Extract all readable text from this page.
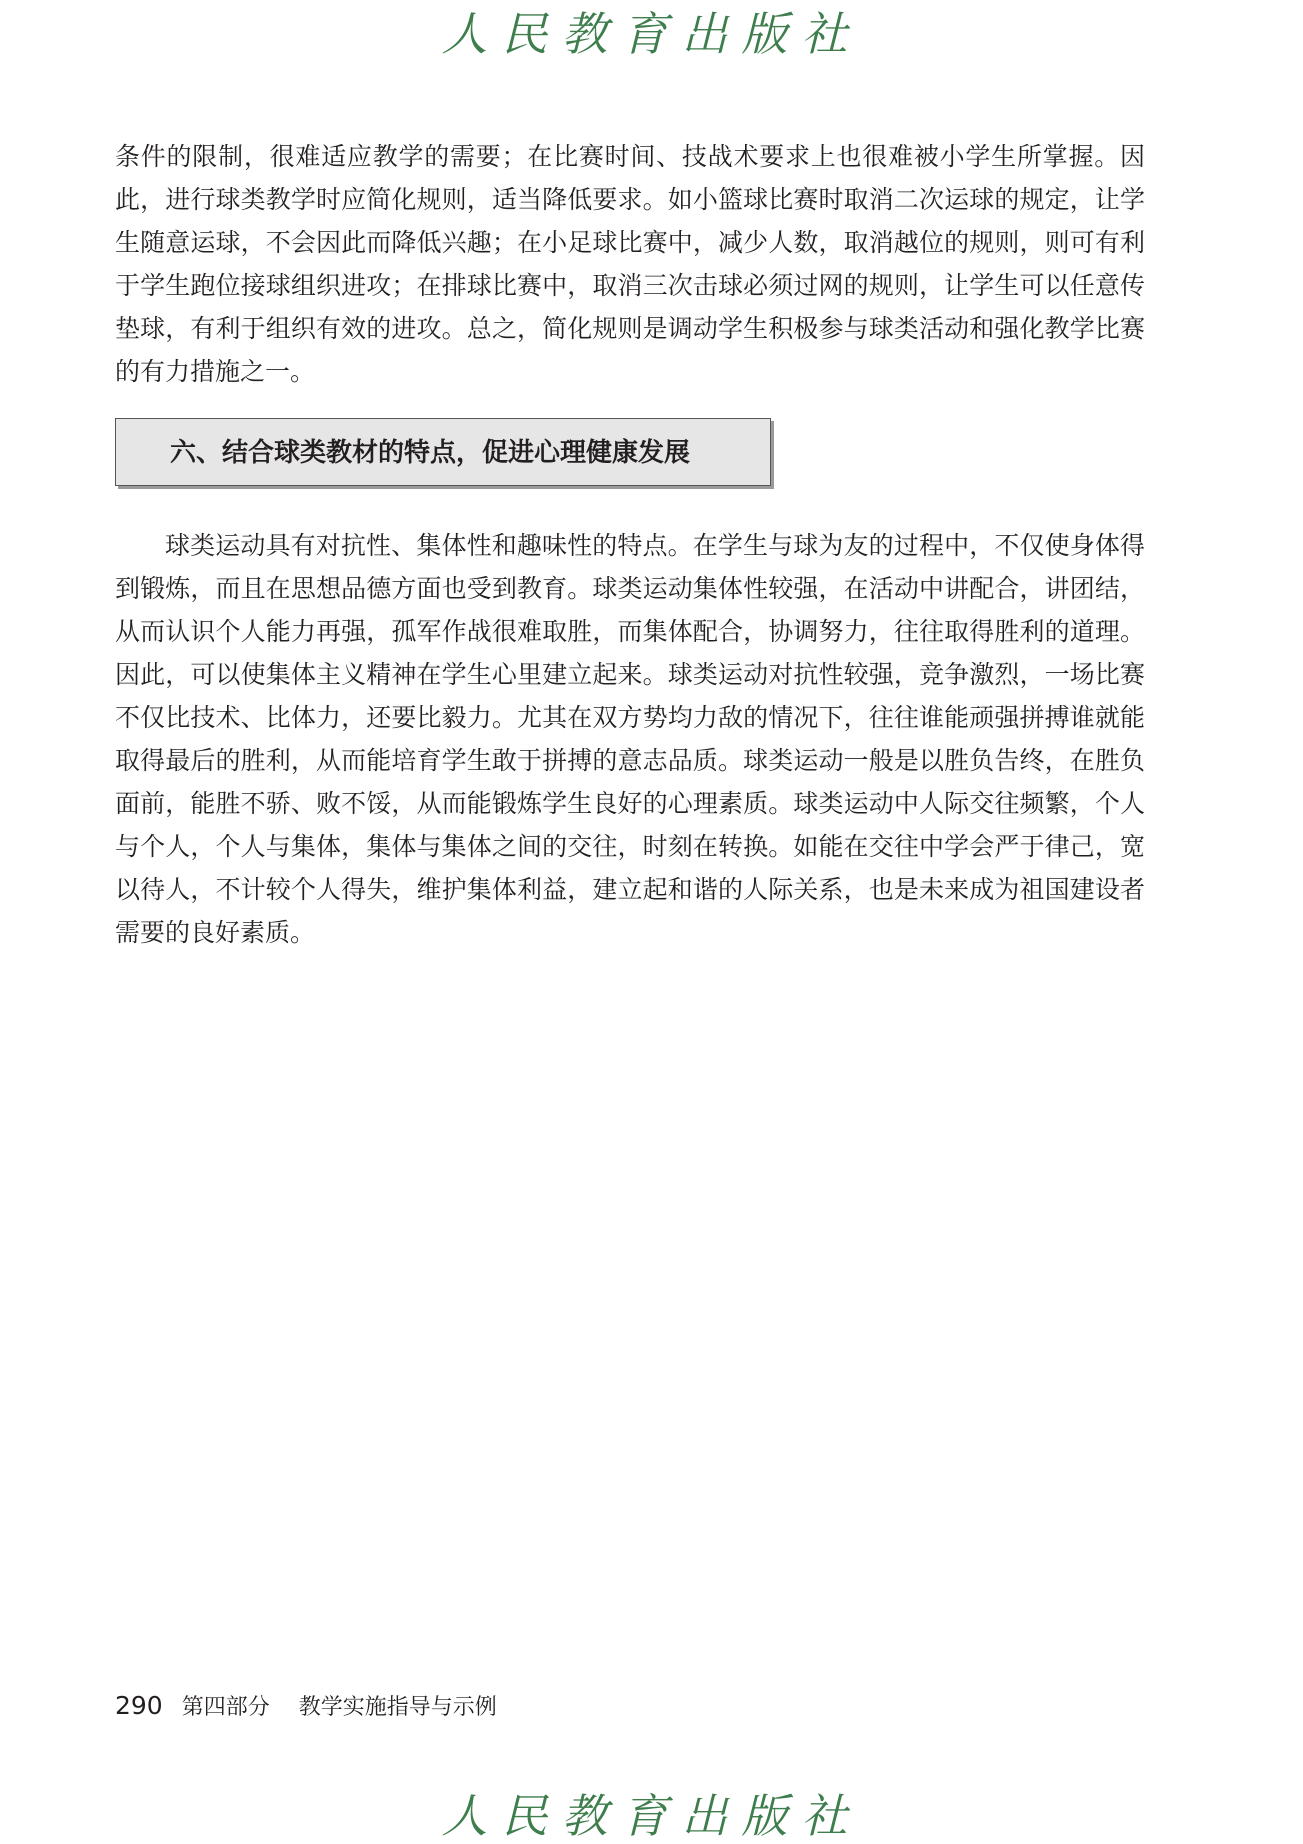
人民教育出版社

条件的限制，很难适应教学的需要；在比赛时间、技战术要求上也很难被小学生所掌握。因此，进行球类教学时应简化规则，适当降低要求。如小篮球比赛时取消二次运球的规定，让学生随意运球，不会因此而降低兴趣；在小足球比赛中，减少人数，取消越位的规则，则可有利于学生跑位接球组织进攻；在排球比赛中，取消三次击球必须过网的规则，让学生可以任意传垫球，有利于组织有效的进攻。总之，简化规则是调动学生积极参与球类活动和强化教学比赛的有力措施之一。

六、结合球类教材的特点，促进心理健康发展

球类运动具有对抗性、集体性和趣味性的特点。在学生与球为友的过程中，不仅使身体得到锻炼，而且在思想品德方面也受到教育。球类运动集体性较强，在活动中讲配合，讲团结，从而认识个人能力再强，孤军作战很难取胜，而集体配合，协调努力，往往取得胜利的道理。因此，可以使集体主义精神在学生心里建立起来。球类运动对抗性较强，竞争激烈，一场比赛不仅比技术、比体力，还要比毅力。尤其在双方势均力敌的情况下，往往谁能顽强拼搏谁就能取得最后的胜利，从而能培育学生敢于拼搏的意志品质。球类运动一般是以胜负告终，在胜负面前，能胜不骄、败不馁，从而能锻炼学生良好的心理素质。球类运动中人际交往频繁，个人与个人，个人与集体，集体与集体之间的交往，时刻在转换。如能在交往中学会严于律己，宽以待人，不计较个人得失，维护集体利益，建立起和谐的人际关系，也是未来成为祖国建设者需要的良好素质。

290 第四部分 教学实施指导与示例
人民教育出版社
